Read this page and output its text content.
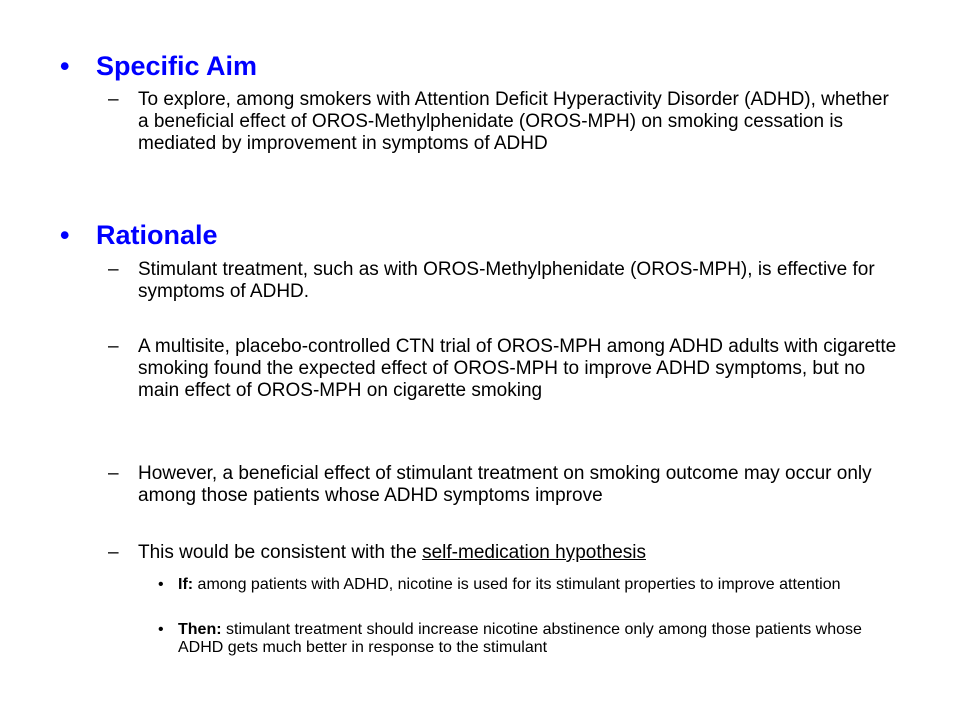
• Specific Aim
– To explore, among smokers with Attention Deficit Hyperactivity Disorder (ADHD), whether a beneficial effect of OROS-Methylphenidate (OROS-MPH) on smoking cessation is mediated by improvement in symptoms of ADHD
• Rationale
– Stimulant treatment, such as with OROS-Methylphenidate (OROS-MPH), is effective for symptoms of ADHD.
– A multisite, placebo-controlled CTN trial of OROS-MPH among ADHD adults with cigarette smoking found the expected effect of OROS-MPH to improve ADHD symptoms, but no main effect of OROS-MPH on cigarette smoking
– However, a beneficial effect of stimulant treatment on smoking outcome may occur only among those patients whose ADHD symptoms improve
– This would be consistent with the self-medication hypothesis
• If: among patients with ADHD, nicotine is used for its stimulant properties to improve attention
• Then: stimulant treatment should increase nicotine abstinence only among those patients whose ADHD gets much better in response to the stimulant
